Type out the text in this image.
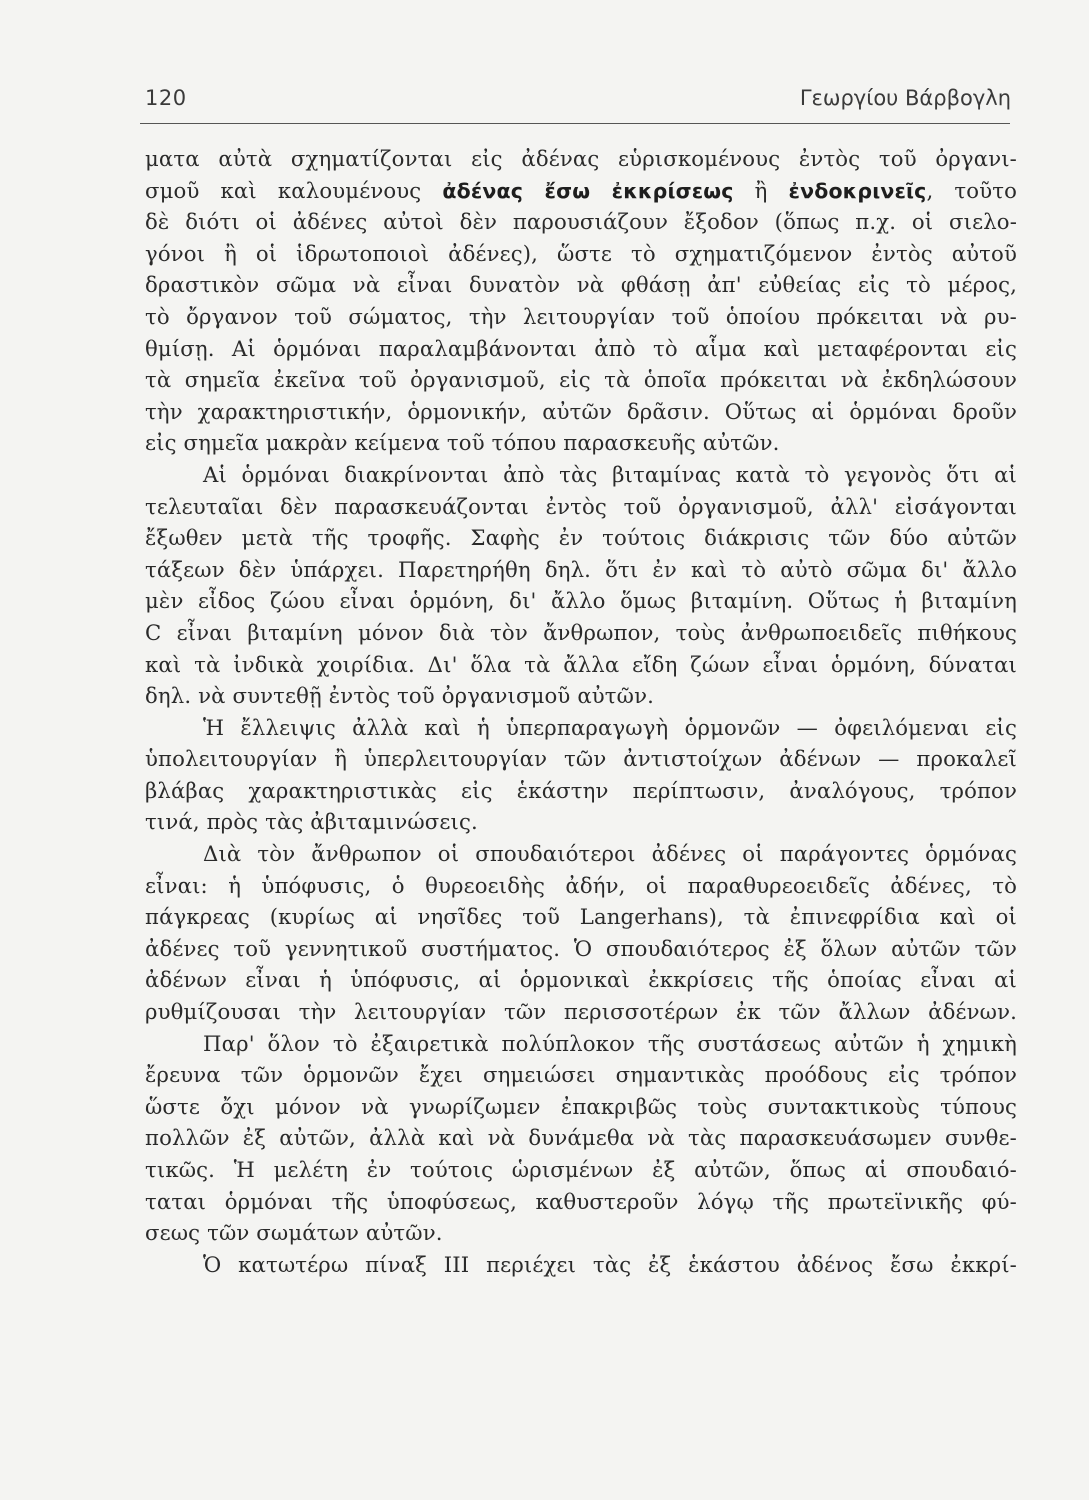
120	Γεωργίου Βάρβογλη
ματα αὐτὰ σχηματίζονται εἰς ἀδένας εὑρισκομένους ἐντὸς τοῦ ὀργανι-
σμοῦ καὶ καλουμένους ἀδένας ἔσω ἐκκρίσεως ἢ ἐνδοκρινεῖς, τοῦτο
δὲ διότι οἱ ἀδένες αὐτοὶ δὲν παρουσιάζουν ἔξοδον (ὅπως π.χ. οἱ σιελο-
γόνοι ἢ οἱ ἱδρωτοποιοὶ ἀδένες), ὥστε τὸ σχηματιζόμενον ἐντὸς αὐτοῦ
δραστικὸν σῶμα νὰ εἶναι δυνατὸν νὰ φθάσῃ ἀπ' εὐθείας εἰς τὸ μέρος,
τὸ ὄργανον τοῦ σώματος, τὴν λειτουργίαν τοῦ ὁποίου πρόκειται νὰ ρυ-
θμίσῃ. Αἱ ὁρμόναι παραλαμβάνονται ἀπὸ τὸ αἷμα καὶ μεταφέρονται εἰς
τὰ σημεῖα ἐκεῖνα τοῦ ὀργανισμοῦ, εἰς τὰ ὁποῖα πρόκειται νὰ ἐκδηλώσουν
τὴν χαρακτηριστικήν, ὁρμονικήν, αὐτῶν δρᾶσιν. Οὕτως αἱ ὁρμόναι δροῦν
εἰς σημεῖα μακρὰν κείμενα τοῦ τόπου παρασκευῆς αὐτῶν.
Αἱ ὁρμόναι διακρίνονται ἀπὸ τὰς βιταμίνας κατὰ τὸ γεγονὸς ὅτι αἱ
τελευταῖαι δὲν παρασκευάζονται ἐντὸς τοῦ ὀργανισμοῦ, ἀλλ' εἰσάγονται
ἔξωθεν μετὰ τῆς τροφῆς. Σαφὴς ἐν τούτοις διάκρισις τῶν δύο αὐτῶν
τάξεων δὲν ὑπάρχει. Παρετηρήθη δηλ. ὅτι ἐν καὶ τὸ αὐτὸ σῶμα δι' ἄλλο
μὲν εἶδος ζώου εἶναι ὁρμόνη, δι' ἄλλο ὅμως βιταμίνη. Οὕτως ἡ βιταμίνη
C εἶναι βιταμίνη μόνον διὰ τὸν ἄνθρωπον, τοὺς ἀνθρωποειδεῖς πιθήκους
καὶ τὰ ἰνδικὰ χοιρίδια. Δι' ὅλα τὰ ἄλλα εἴδη ζώων εἶναι ὁρμόνη, δύναται
δηλ. νὰ συντεθῇ ἐντὸς τοῦ ὀργανισμοῦ αὐτῶν.
Ἡ ἔλλειψις ἀλλὰ καὶ ἡ ὑπερπαραγωγὴ ὁρμονῶν — ὀφειλόμεναι εἰς
ὑπολειτουργίαν ἢ ὑπερλειτουργίαν τῶν ἀντιστοίχων ἀδένων — προκαλεῖ
βλάβας χαρακτηριστικὰς εἰς ἑκάστην περίπτωσιν, ἀναλόγους, τρόπον
τινά, πρὸς τὰς ἀβιταμινώσεις.
Διὰ τὸν ἄνθρωπον οἱ σπουδαιότεροι ἀδένες οἱ παράγοντες ὁρμόνας
εἶναι: ἡ ὑπόφυσις, ὁ θυρεοειδὴς ἀδήν, οἱ παραθυρεοειδεῖς ἀδένες, τὸ
πάγκρεας (κυρίως αἱ νησῖδες τοῦ Langerhans), τὰ ἐπινεφρίδια καὶ οἱ
ἀδένες τοῦ γεννητικοῦ συστήματος. Ὁ σπουδαιότερος ἐξ ὅλων αὐτῶν τῶν
ἀδένων εἶναι ἡ ὑπόφυσις, αἱ ὁρμονικαὶ ἐκκρίσεις τῆς ὁποίας εἶναι αἱ
ρυθμίζουσαι τὴν λειτουργίαν τῶν περισσοτέρων ἐκ τῶν ἄλλων ἀδένων.
Παρ' ὅλον τὸ ἐξαιρετικὰ πολύπλοκον τῆς συστάσεως αὐτῶν ἡ χημικὴ
ἔρευνα τῶν ὁρμονῶν ἔχει σημειώσει σημαντικὰς προόδους εἰς τρόπον
ὥστε ὄχι μόνον νὰ γνωρίζωμεν ἐπακριβῶς τοὺς συντακτικοὺς τύπους
πολλῶν ἐξ αὐτῶν, ἀλλὰ καὶ νὰ δυνάμεθα νὰ τὰς παρασκευάσωμεν συνθε-
τικῶς. Ἡ μελέτη ἐν τούτοις ὡρισμένων ἐξ αὐτῶν, ὅπως αἱ σπουδαιό-
ταται ὁρμόναι τῆς ὑποφύσεως, καθυστεροῦν λόγῳ τῆς πρωτεϊνικῆς φύ-
σεως τῶν σωμάτων αὐτῶν.
Ὁ κατωτέρω πίναξ III περιέχει τὰς ἐξ ἑκάστου ἀδένος ἔσω ἐκκρί-
